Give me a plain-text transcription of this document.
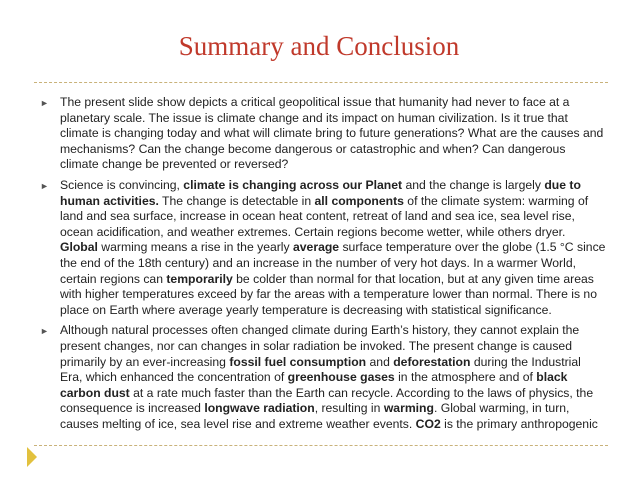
Summary and Conclusion
► The present slide show depicts a critical geopolitical issue that humanity had never to face at a planetary scale. The issue is climate change and its impact on human civilization. Is it true that climate is changing today and what will climate bring to future generations? What are the causes and mechanisms? Can the change become dangerous or catastrophic and when? Can dangerous climate change be prevented or reversed?
► Science is convincing, climate is changing across our Planet and the change is largely due to human activities. The change is detectable in all components of the climate system: warming of land and sea surface, increase in ocean heat content, retreat of land and sea ice, sea level rise, ocean acidification, and weather extremes. Certain regions become wetter, while others dryer. Global warming means a rise in the yearly average surface temperature over the globe (1.5 °C since the end of the 18th century) and an increase in the number of very hot days. In a warmer World, certain regions can temporarily be colder than normal for that location, but at any given time areas with higher temperatures exceed by far the areas with a temperature lower than normal. There is no place on Earth where average yearly temperature is decreasing with statistical significance.
► Although natural processes often changed climate during Earth’s history, they cannot explain the present changes, nor can changes in solar radiation be invoked. The present change is caused primarily by an ever-increasing fossil fuel consumption and deforestation during the Industrial Era, which enhanced the concentration of greenhouse gases in the atmosphere and of black carbon dust at a rate much faster than the Earth can recycle. According to the laws of physics, the consequence is increased longwave radiation, resulting in warming. Global warming, in turn, causes melting of ice, sea level rise and extreme weather events. CO2 is the primary anthropogenic
